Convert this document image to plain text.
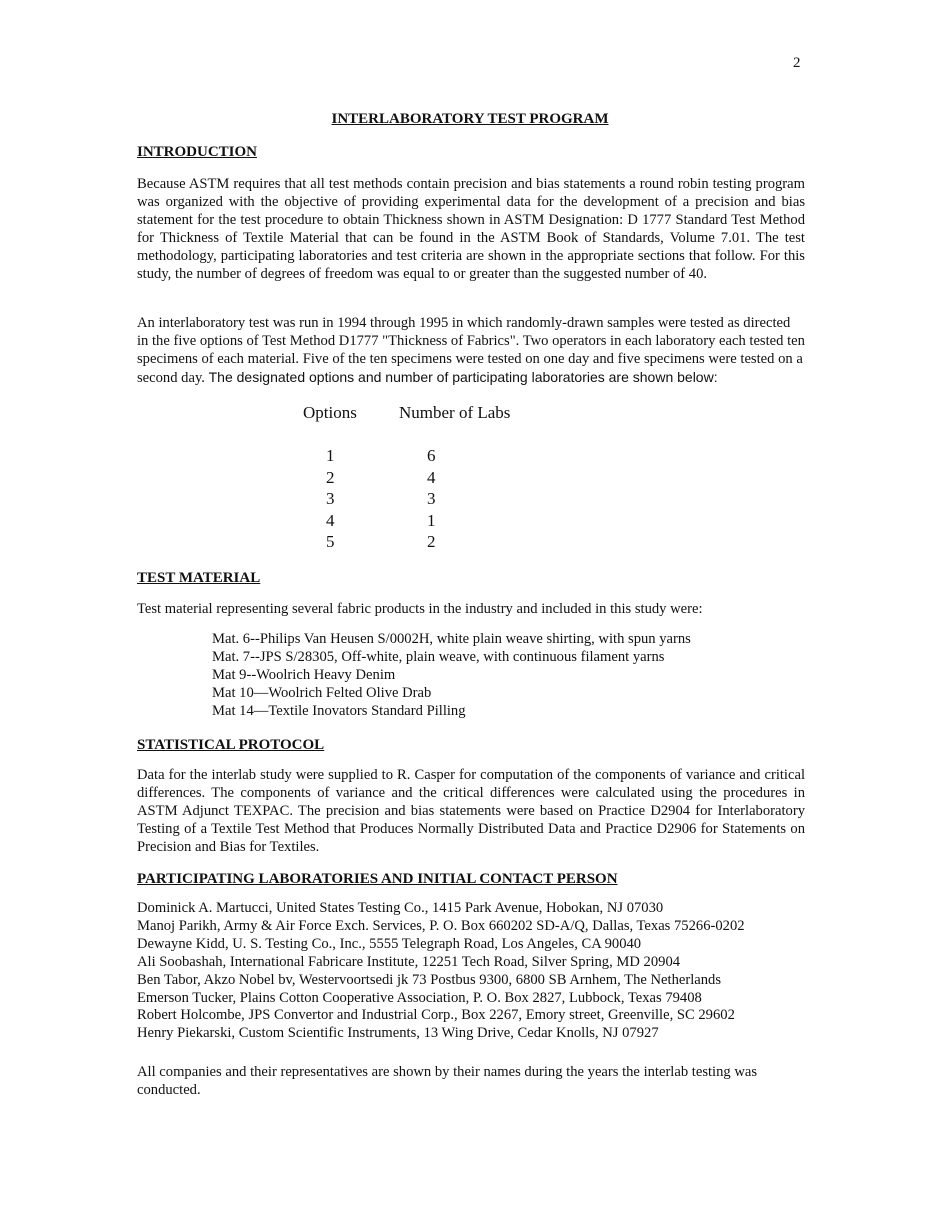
2
INTERLABORATORY TEST PROGRAM
INTRODUCTION

Because ASTM requires that all test methods contain precision and bias statements a round robin testing program was organized with the objective of providing experimental data for the development of a precision and bias statement for the test procedure to obtain Thickness shown in ASTM Designation: D 1777 Standard Test Method for Thickness of Textile Material that can be found in the ASTM Book of Standards, Volume 7.01. The test methodology, participating laboratories and test criteria are shown in the appropriate sections that follow. For this study, the number of degrees of freedom was equal to or greater than the suggested number of 40.

An interlaboratory test was run in 1994 through 1995 in which randomly-drawn samples were tested as directed in the five options of Test Method D1777 "Thickness of Fabrics". Two operators in each laboratory each tested ten specimens of each material. Five of the ten specimens were tested on one day and five specimens were tested on a second day. The designated options and number of participating laboratories are shown below:

Options Number of Labs
1	6
2	4
3	3
4	1
5	2
TEST MATERIAL

Test material representing several fabric products in the industry and included in this study were:

Mat. 6--Philips Van Heusen S/0002H, white plain weave shirting, with spun yarns
Mat. 7--JPS S/28305, Off-white, plain weave, with continuous filament yarns
Mat 9--Woolrich Heavy Denim
Mat 10—Woolrich Felted Olive Drab
Mat 14—Textile Inovators Standard Pilling
STATISTICAL PROTOCOL

Data for the interlab study were supplied to R. Casper for computation of the components of variance and critical differences. The components of variance and the critical differences were calculated using the procedures in ASTM Adjunct TEXPAC. The precision and bias statements were based on Practice D2904 for Interlaboratory Testing of a Textile Test Method that Produces Normally Distributed Data and Practice D2906 for Statements on Precision and Bias for Textiles.

PARTICIPATING LABORATORIES AND INITIAL CONTACT PERSON
Dominick A. Martucci, United States Testing Co., 1415 Park Avenue, Hobokan, NJ 07030
Manoj Parikh, Army & Air Force Exch. Services, P. O. Box 660202 SD-A/Q, Dallas, Texas 75266-0202
Dewayne Kidd, U. S. Testing Co., Inc., 5555 Telegraph Road, Los Angeles, CA 90040
Ali Soobashah, International Fabricare Institute, 12251 Tech Road, Silver Spring, MD 20904
Ben Tabor, Akzo Nobel bv, Westervoortsedi jk 73 Postbus 9300, 6800 SB Arnhem, The Netherlands
Emerson Tucker, Plains Cotton Cooperative Association, P. O. Box 2827, Lubbock, Texas 79408
Robert Holcombe, JPS Convertor and Industrial Corp., Box 2267, Emory street, Greenville, SC 29602
Henry Piekarski, Custom Scientific Instruments, 13 Wing Drive, Cedar Knolls, NJ 07927

All companies and their representatives are shown by their names during the years the interlab testing was conducted.
